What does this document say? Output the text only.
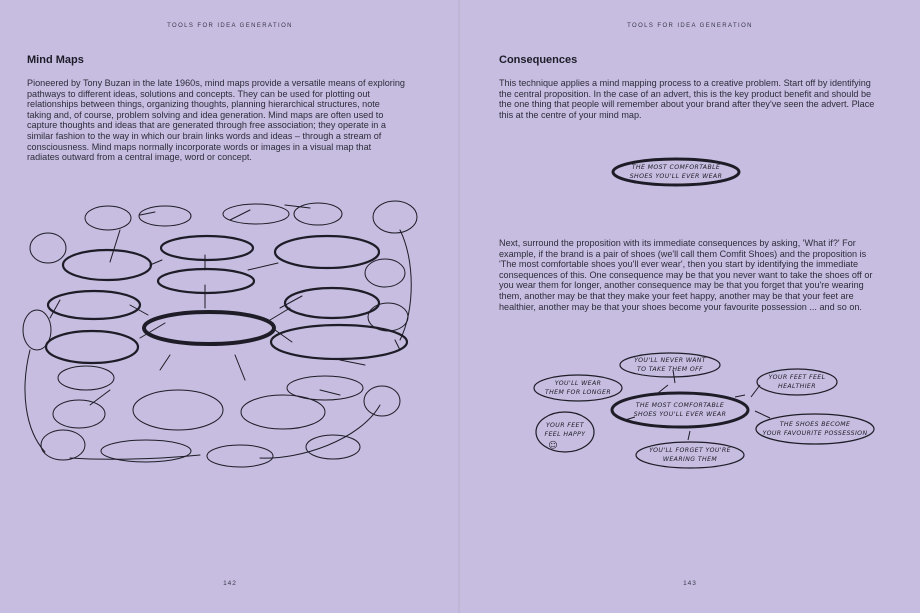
TOOLS FOR IDEA GENERATION
Mind Maps
Pioneered by Tony Buzan in the late 1960s, mind maps provide a versatile means of exploring pathways to different ideas, solutions and concepts. They can be used for plotting out relationships between things, organizing thoughts, planning hierarchical structures, note taking and, of course, problem solving and idea generation. Mind maps are often used to capture thoughts and ideas that are generated through free association; they operate in a similar fashion to the way in which our brain links words and ideas – through a stream of consciousness. Mind maps normally incorporate words or images in a visual map that radiates outward from a central image, word or concept.
142
TOOLS FOR IDEA GENERATION
Consequences
This technique applies a mind mapping process to a creative problem. Start off by identifying the central proposition. In the case of an advert, this is the key product benefit and should be the one thing that people will remember about your brand after they've seen the advert. Place this at the centre of your mind map.
THE MOST COMFORTABLE
SHOES YOU'LL EVER WEAR
Next, surround the proposition with its immediate consequences by asking, 'What if?' For example, if the brand is a pair of shoes (we'll call them Comfit Shoes) and the proposition is 'The most comfortable shoes you'll ever wear', then you start by identifying the immediate consequences of this. One consequence may be that you never want to take the shoes off or you wear them for longer, another consequence may be that you forget that you're wearing them, another may be that they make your feet happy, another may be that your feet are healthier, another may be that your shoes become your favourite possession ... and so on.
THE MOST COMFORTABLE
SHOES YOU'LL EVER WEAR
YOU'LL NEVER WANT
TO TAKE THEM OFF
YOU'LL WEAR
THEM FOR LONGER
YOUR FEET FEEL
HEALTHIER
YOUR FEET
FEEL HAPPY
☺
THE SHOES BECOME
YOUR FAVOURITE POSSESSION
YOU'LL FORGET YOU'RE
WEARING THEM
143
